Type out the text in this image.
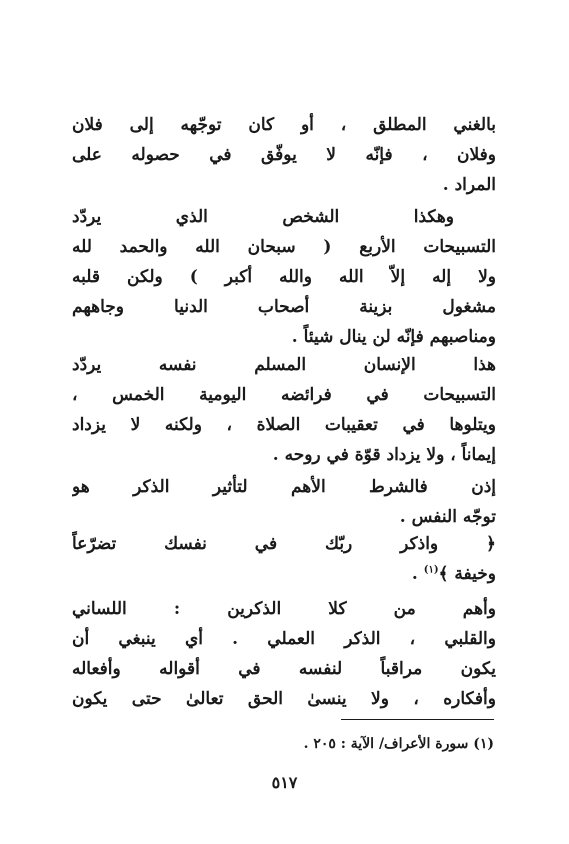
بالغني المطلق ، أو كان توجّهه إلى فلان
وفلان ، فإنّه لا يوفّق في حصوله على
المراد .
وهكذا الشخص الذي يردّد
التسبيحات الأربع ( سبحان الله والحمد لله
ولا إله إلاّ الله والله أكبر ) ولكن قلبه
مشغول بزينة أصحاب الدنيا وجاههم
ومناصبهم فإنّه لن ينال شيئاً .
هذا الإنسان المسلم نفسه يردّد
التسبيحات في فرائضه اليومية الخمس ،
ويتلوها في تعقيبات الصلاة ، ولكنه لا يزداد
إيماناً ، ولا يزداد قوّة في روحه .
إذن فالشرط الأهم لتأثير الذكر هو
توجّه النفس .
﴿ واذكر ربّك في نفسك تضرّعاً
وخيفة ﴾$^{(١)}$ .
وأهم من كلا الذكرين : اللساني
والقلبي ، الذكر العملي . أي ينبغي أن
يكون مراقباً لنفسه في أقواله وأفعاله
وأفكاره ، ولا ينسىٰ الحق تعالىٰ حتى يكون
(١) سورة الأعراف/ الآية : ٢٠٥ .
٥١٧
